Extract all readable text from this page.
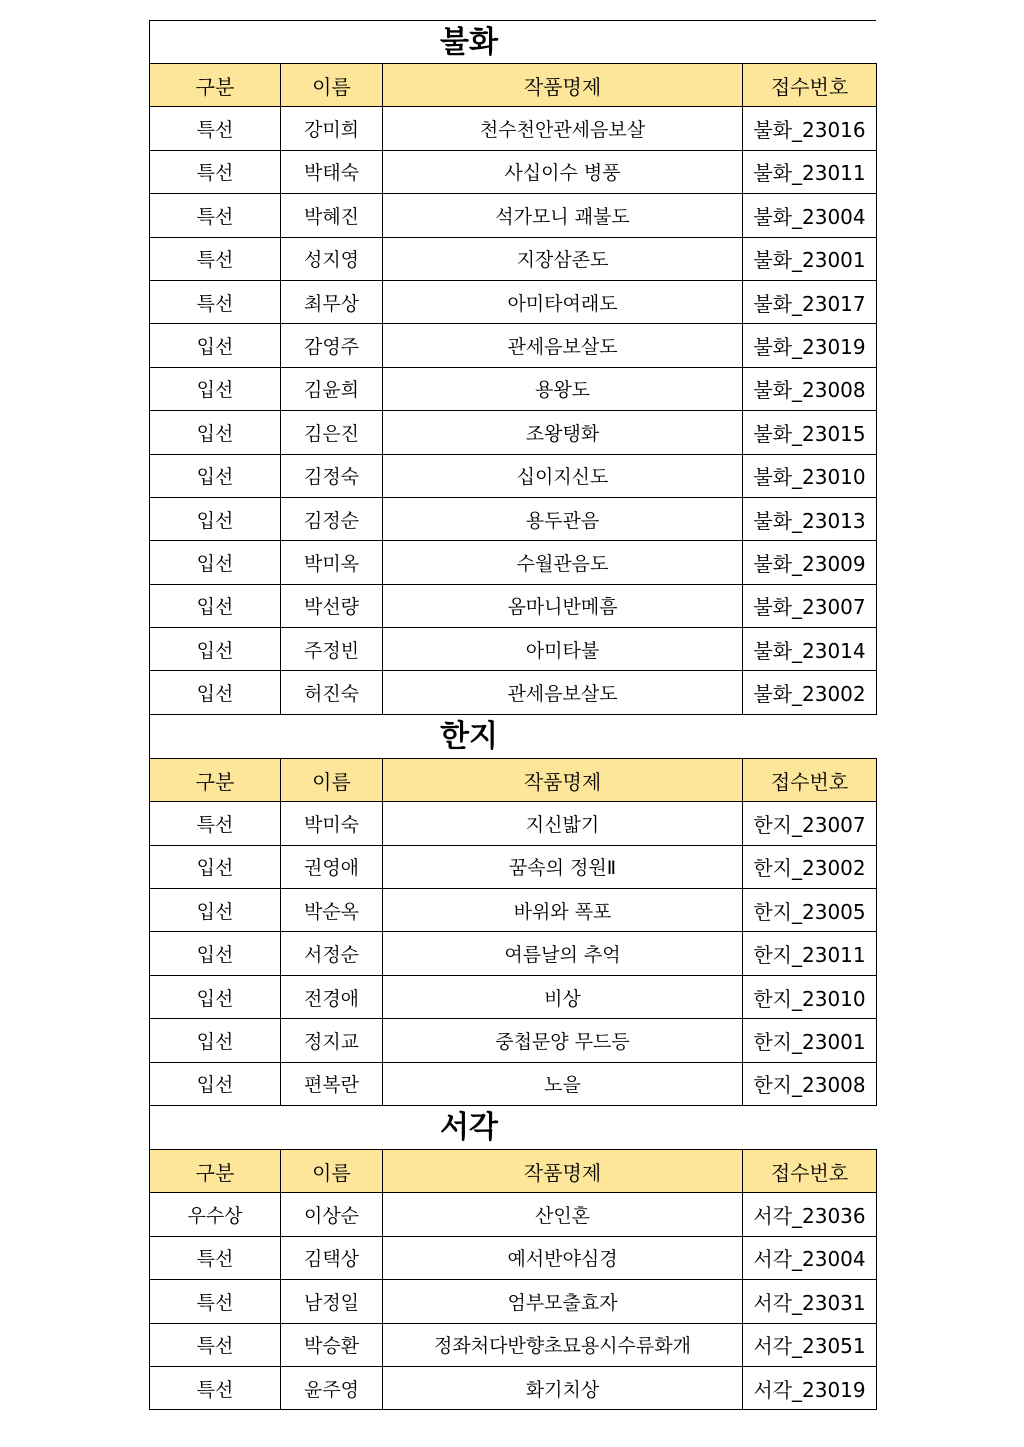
불화
구분	이름	작품명제	접수번호
특선	강미희	천수천안관세음보살	불화_23016
특선	박태숙	사십이수 병풍	불화_23011
특선	박혜진	석가모니 괘불도	불화_23004
특선	성지영	지장삼존도	불화_23001
특선	최무상	아미타여래도	불화_23017
입선	감영주	관세음보살도	불화_23019
입선	김윤희	용왕도	불화_23008
입선	김은진	조왕탱화	불화_23015
입선	김정숙	십이지신도	불화_23010
입선	김정순	용두관음	불화_23013
입선	박미옥	수월관음도	불화_23009
입선	박선량	옴마니반메흠	불화_23007
입선	주정빈	아미타불	불화_23014
입선	허진숙	관세음보살도	불화_23002
한지
구분	이름	작품명제	접수번호
특선	박미숙	지신밟기	한지_23007
입선	권영애	꿈속의 정원Ⅱ	한지_23002
입선	박순옥	바위와 폭포	한지_23005
입선	서정순	여름날의 추억	한지_23011
입선	전경애	비상	한지_23010
입선	정지교	중첩문양 무드등	한지_23001
입선	편복란	노을	한지_23008
서각
구분	이름	작품명제	접수번호
우수상	이상순	산인혼	서각_23036
특선	김택상	예서반야심경	서각_23004
특선	남정일	엄부모출효자	서각_23031
특선	박승환	정좌처다반향초묘용시수류화개	서각_23051
특선	윤주영	화기치상	서각_23019
